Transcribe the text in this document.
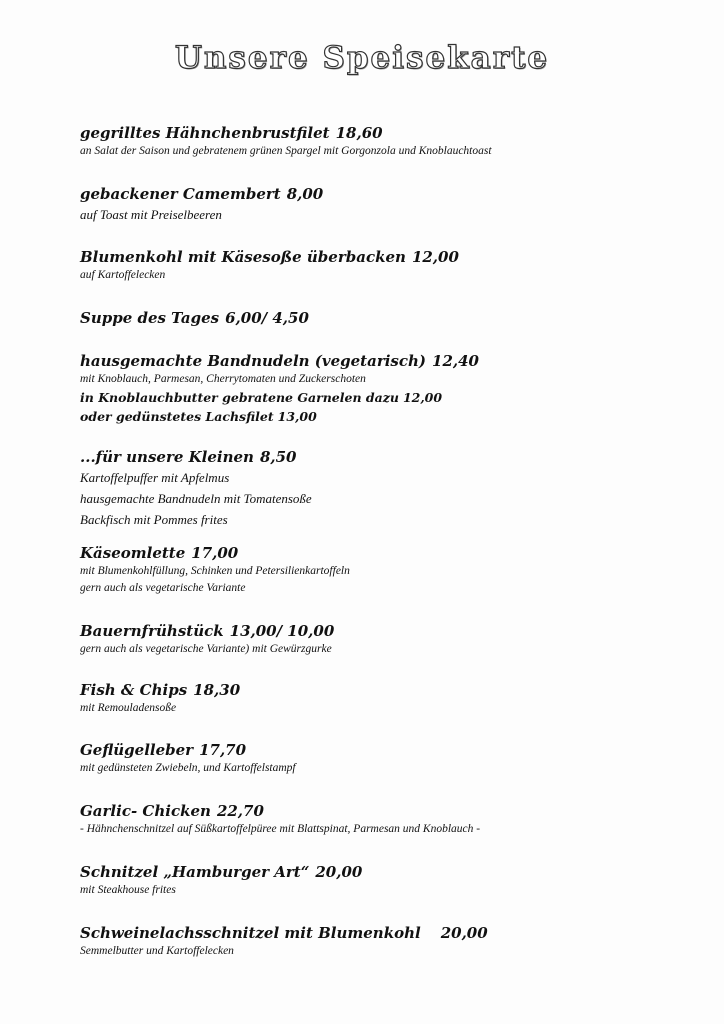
Unsere Speisekarte
gegrilltes Hähnchenbrustfilet 18,60
an Salat der Saison und gebratenem grünen Spargel mit Gorgonzola und Knoblauchtoast
gebackener Camembert 8,00
auf Toast mit Preiselbeeren
Blumenkohl mit Käsesoße überbacken 12,00
auf Kartoffelecken
Suppe des Tages 6,00/ 4,50
hausgemachte Bandnudeln (vegetarisch) 12,40
mit Knoblauch, Parmesan, Cherrytomaten und Zuckerschoten
in Knoblauchbutter gebratene Garnelen dazu 12,00
oder gedünstetes Lachsfilet 13,00
...für unsere Kleinen 8,50
Kartoffelpuffer mit Apfelmus
hausgemachte Bandnudeln mit Tomatensoße
Backfisch mit Pommes frites
Käseomlette 17,00
mit Blumenkohlfüllung, Schinken und Petersilienkartoffeln
gern auch als vegetarische Variante
Bauernfrühstück 13,00/ 10,00
gern auch als vegetarische Variante) mit Gewürzgurke
Fish & Chips 18,30
mit Remouladensoße
Geflügelleber 17,70
mit gedünsteten Zwiebeln, und Kartoffelstampf
Garlic- Chicken 22,70
- Hähnchenschnitzel auf Süßkartoffelpüree mit Blattspinat, Parmesan und Knoblauch -
Schnitzel „Hamburger Art“ 20,00
mit Steakhouse frites
Schweinelachsschnitzel mit Blumenkohl 20,00
Semmelbutter und Kartoffelecken
